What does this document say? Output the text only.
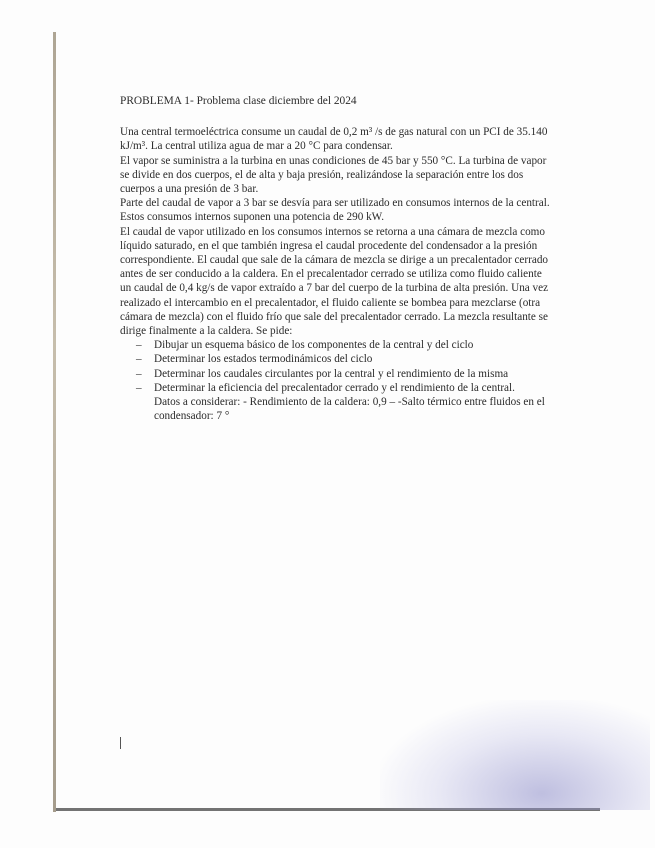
PROBLEMA 1- Problema clase diciembre del 2024

Una central termoeléctrica consume un caudal de 0,2 m³ /s de gas natural con un PCI de 35.140 kJ/m³. La central utiliza agua de mar a 20 °C para condensar.

El vapor se suministra a la turbina en unas condiciones de 45 bar y 550 °C. La turbina de vapor se divide en dos cuerpos, el de alta y baja presión, realizándose la separación entre los dos cuerpos a una presión de 3 bar.

Parte del caudal de vapor a 3 bar se desvía para ser utilizado en consumos internos de la central. Estos consumos internos suponen una potencia de 290 kW.

El caudal de vapor utilizado en los consumos internos se retorna a una cámara de mezcla como líquido saturado, en el que también ingresa el caudal procedente del condensador a la presión correspondiente. El caudal que sale de la cámara de mezcla se dirige a un precalentador cerrado antes de ser conducido a la caldera. En el precalentador cerrado se utiliza como fluido caliente un caudal de 0,4 kg/s de vapor extraído a 7 bar del cuerpo de la turbina de alta presión. Una vez realizado el intercambio en el precalentador, el fluido caliente se bombea para mezclarse (otra cámara de mezcla) con el fluido frío que sale del precalentador cerrado. La mezcla resultante se dirige finalmente a la caldera. Se pide:

– Dibujar un esquema básico de los componentes de la central y del ciclo
– Determinar los estados termodinámicos del ciclo
– Determinar los caudales circulantes por la central y el rendimiento de la misma
– Determinar la eficiencia del precalentador cerrado y el rendimiento de la central.

Datos a considerar: - Rendimiento de la caldera: 0,9 – -Salto térmico entre fluidos en el condensador: 7 °
